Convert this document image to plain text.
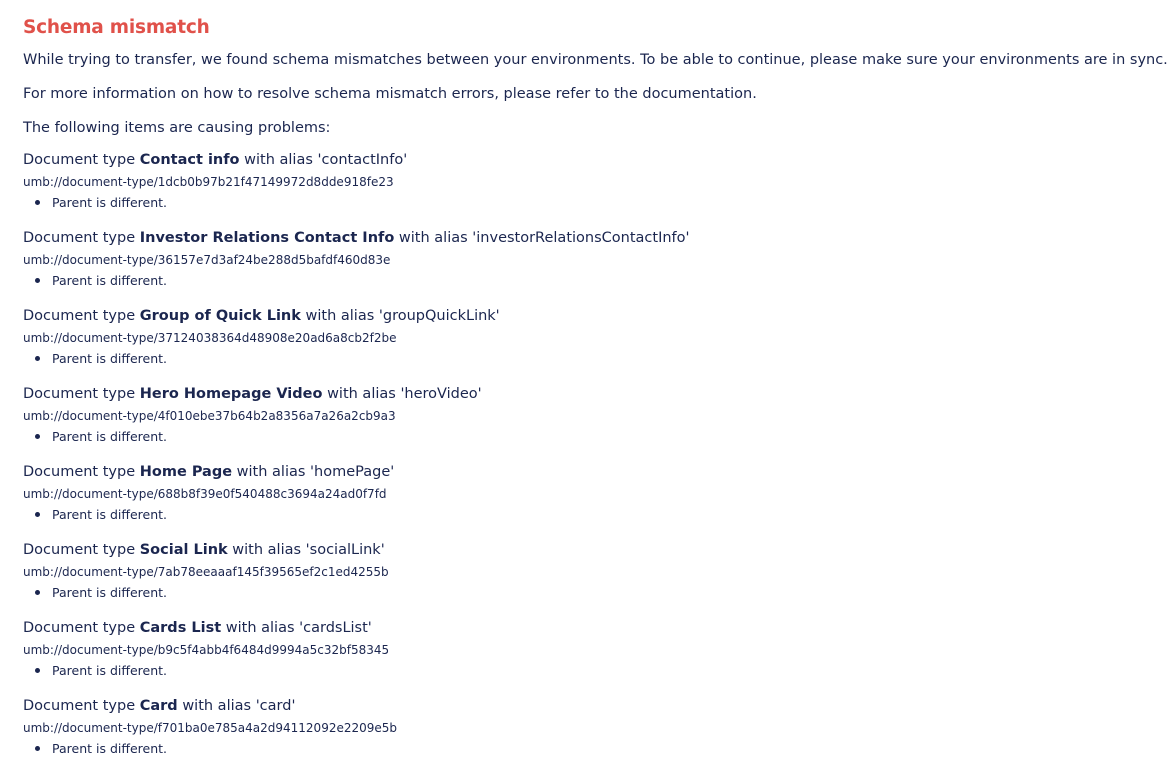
Schema mismatch
While trying to transfer, we found schema mismatches between your environments. To be able to continue, please make sure your environments are in sync.
For more information on how to resolve schema mismatch errors, please refer to the documentation.
The following items are causing problems:
Document type Contact info with alias 'contactInfo'
umb://document-type/1dcb0b97b21f47149972d8dde918fe23
Parent is different.
Document type Investor Relations Contact Info with alias 'investorRelationsContactInfo'
umb://document-type/36157e7d3af24be288d5bafdf460d83e
Parent is different.
Document type Group of Quick Link with alias 'groupQuickLink'
umb://document-type/37124038364d48908e20ad6a8cb2f2be
Parent is different.
Document type Hero Homepage Video with alias 'heroVideo'
umb://document-type/4f010ebe37b64b2a8356a7a26a2cb9a3
Parent is different.
Document type Home Page with alias 'homePage'
umb://document-type/688b8f39e0f540488c3694a24ad0f7fd
Parent is different.
Document type Social Link with alias 'socialLink'
umb://document-type/7ab78eeaaaf145f39565ef2c1ed4255b
Parent is different.
Document type Cards List with alias 'cardsList'
umb://document-type/b9c5f4abb4f6484d9994a5c32bf58345
Parent is different.
Document type Card with alias 'card'
umb://document-type/f701ba0e785a4a2d94112092e2209e5b
Parent is different.
